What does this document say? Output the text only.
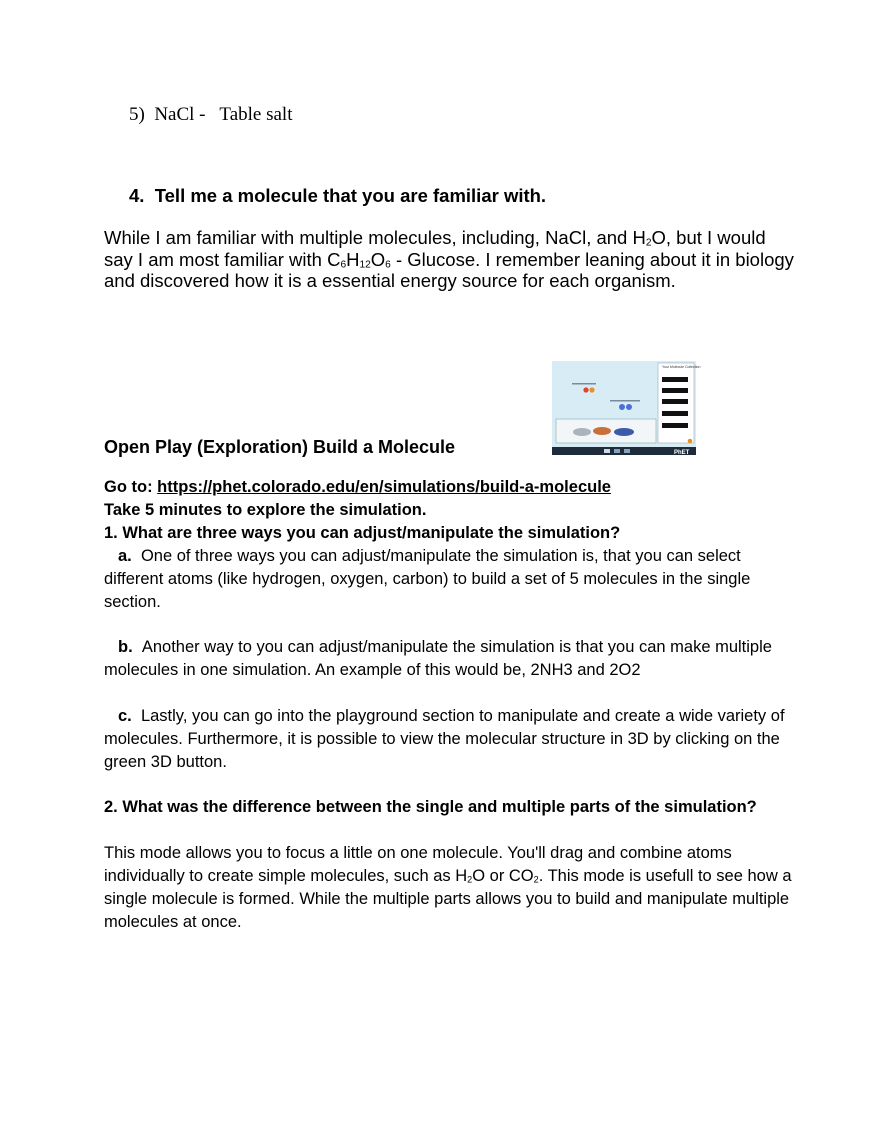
5) NaCl -   Table salt
4. Tell me a molecule that you are familiar with.
While I am familiar with multiple molecules, including, NaCl, and $H_2O$, but I would say I am most familiar with $C_6H_{12}O_6$ - Glucose. I remember leaning about it in biology and discovered how it is a essential energy source for each organism.
Your Molecule Collection
PhET
Open Play (Exploration) Build a Molecule
Go to: https://phet.colorado.edu/en/simulations/build-a-molecule
Take 5 minutes to explore the simulation.
1. What are three ways you can adjust/manipulate the simulation?
a. One of three ways you can adjust/manipulate the simulation is, that you can select different atoms (like hydrogen, oxygen, carbon) to build a set of 5 molecules in the single section.
b. Another way to you can adjust/manipulate the simulation is that you can make multiple molecules in one simulation. An example of this would be, 2NH3 and 2O2
c. Lastly, you can go into the playground section to manipulate and create a wide variety of molecules. Furthermore, it is possible to view the molecular structure in 3D by clicking on the green 3D button.
2. What was the difference between the single and multiple parts of the simulation?
This mode allows you to focus a little on one molecule. You'll drag and combine atoms individually to create simple molecules, such as $H_2O$ or $CO_2$. This mode is usefull to see how a single molecule is formed. While the multiple parts allows you to build and manipulate multiple molecules at once.
